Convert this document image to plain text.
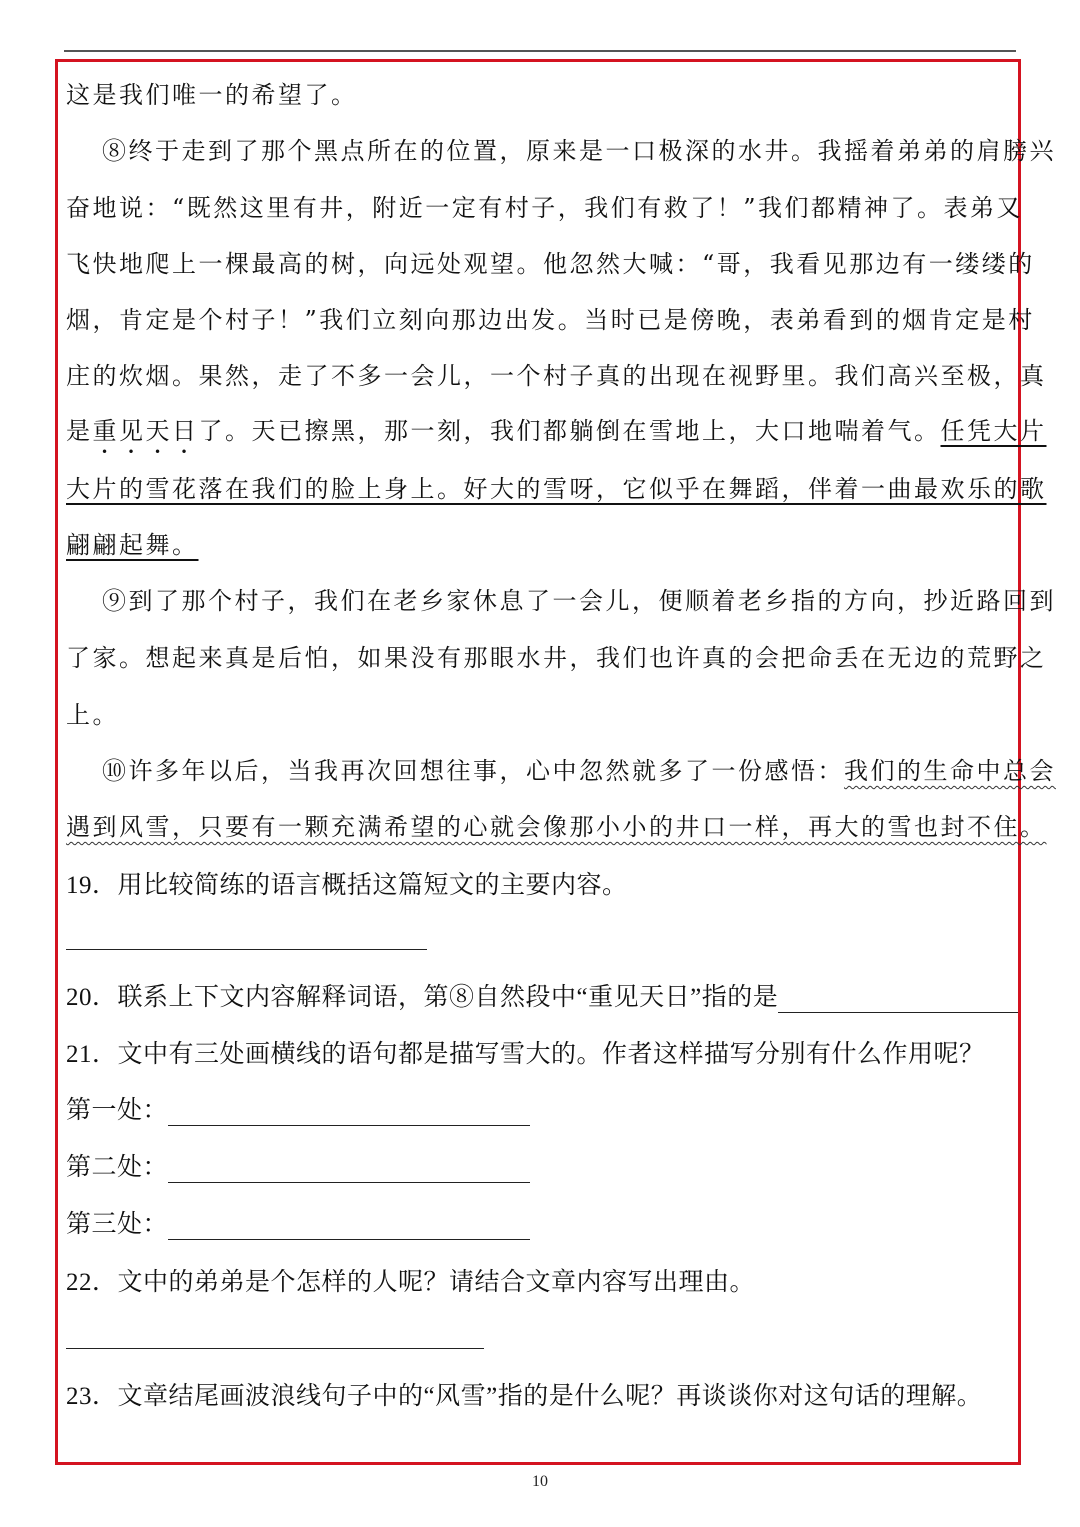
这是我们唯一的希望了。
⑧终于走到了那个黑点所在的位置，原来是一口极深的水井。我摇着弟弟的肩膀兴
奋地说：“既然这里有井，附近一定有村子，我们有救了！”我们都精神了。表弟又
飞快地爬上一棵最高的树，向远处观望。他忽然大喊：“哥，我看见那边有一缕缕的
烟，肯定是个村子！”我们立刻向那边出发。当时已是傍晚，表弟看到的烟肯定是村
庄的炊烟。果然，走了不多一会儿，一个村子真的出现在视野里。我们高兴至极，真
是重见天日了。天已擦黑，那一刻，我们都躺倒在雪地上，大口地喘着气。任凭大片
大片的雪花落在我们的脸上身上。好大的雪呀，它似乎在舞蹈，伴着一曲最欢乐的歌
翩翩起舞。
⑨到了那个村子，我们在老乡家休息了一会儿，便顺着老乡指的方向，抄近路回到
了家。想起来真是后怕，如果没有那眼水井，我们也许真的会把命丢在无边的荒野之
上。
⑩许多年以后，当我再次回想往事，心中忽然就多了一份感悟：我们的生命中总会
遇到风雪，只要有一颗充满希望的心就会像那小小的井口一样，再大的雪也封不住。
19．用比较简练的语言概括这篇短文的主要内容。
20．联系上下文内容解释词语，第⑧自然段中“重见天日”指的是
21．文中有三处画横线的语句都是描写雪大的。作者这样描写分别有什么作用呢？
第一处：
第二处：
第三处：
22．文中的弟弟是个怎样的人呢？请结合文章内容写出理由。
23．文章结尾画波浪线句子中的“风雪”指的是什么呢？再谈谈你对这句话的理解。
10
